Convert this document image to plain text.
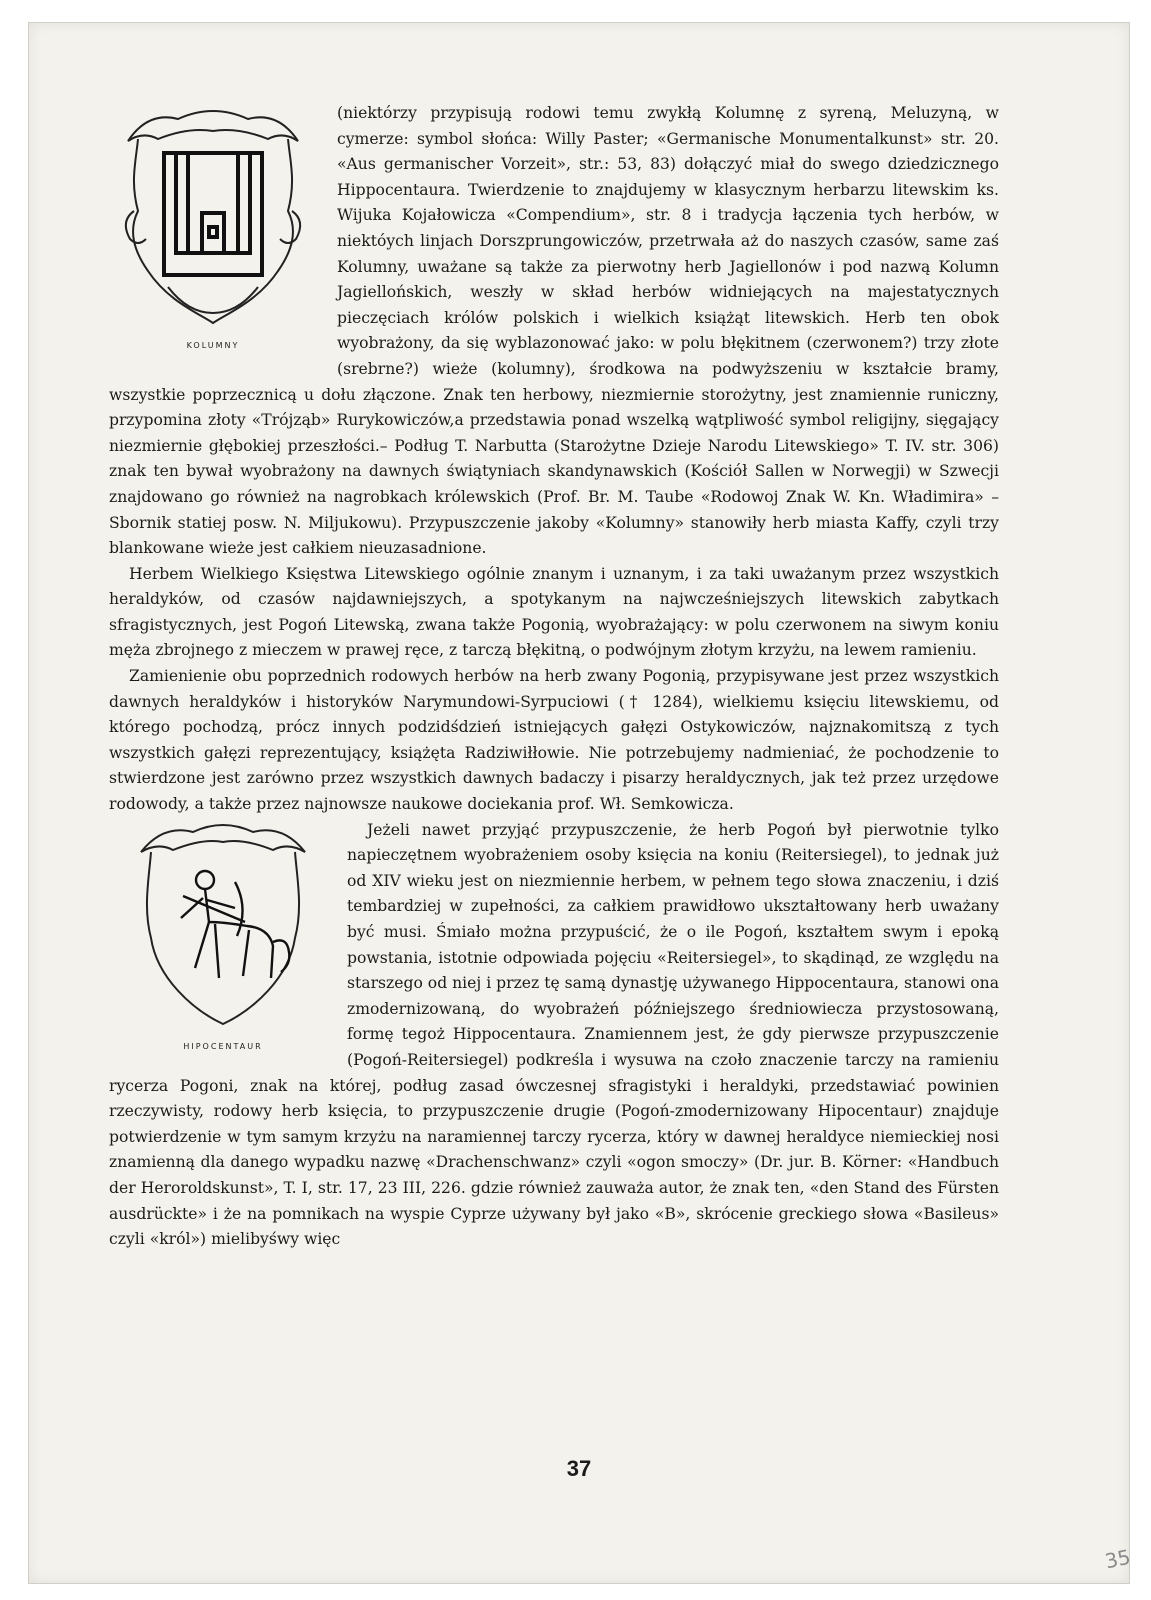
KOLUMNY

(niektórzy przypisują rodowi temu zwykłą Kolumnę z syreną, Meluzyną, w cymerze: symbol słońca: Willy Paster; «Germanische Monumentalkunst» str. 20. «Aus germanischer Vorzeit», str.: 53, 83) dołączyć miał do swego dziedzicznego Hippocentaura. Twierdzenie to znajdujemy w klasycznym herbarzu litewskim ks. Wijuka Kojałowicza «Compendium», str. 8 i tradycja łączenia tych herbów, w niektóych linjach Dorszprungowiczów, przetrwała aż do naszych czasów, same zaś Kolumny, uważane są także za pierwotny herb Jagiellonów i pod nazwą Kolumn Jagiellońskich, weszły w skład herbów widniejących na majestatycznych pieczęciach królów polskich i wielkich książąt litewskich. Herb ten obok wyobrażony, da się wyblazonować jako: w polu błękitnem (czerwonem?) trzy złote (srebrne?) wieże (kolumny), środkowa na podwyższeniu w kształcie bramy, wszystkie poprzecznicą u dołu złączone. Znak ten herbowy, niezmiernie storożytny, jest znamiennie runiczny, przypomina złoty «Trójząb» Rurykowiczów,a przedstawia ponad wszelką wątpliwość symbol religijny, sięgający niezmiernie głębokiej przeszłości.– Podług T. Narbutta (Starożytne Dzieje Narodu Litewskiego» T. IV. str. 306) znak ten bywał wyobrażony na dawnych świątyniach skandynawskich (Kościół Sallen w Norwegji) w Szwecji znajdowano go również na nagrobkach królewskich (Prof. Br. M. Taube «Rodowoj Znak W. Kn. Władimira» – Sbornik statiej posw. N. Miljukowu). Przypuszczenie jakoby «Kolumny» stanowiły herb miasta Kaffy, czyli trzy blankowane wieże jest całkiem nieuzasadnione.

Herbem Wielkiego Księstwa Litewskiego ogólnie znanym i uznanym, i za taki uważanym przez wszystkich heraldyków, od czasów najdawniejszych, a spotykanym na najwcześniejszych litewskich zabytkach sfragistycznych, jest Pogoń Litewską, zwana także Pogonią, wyobrażający: w polu czerwonem na siwym koniu męża zbrojnego z mieczem w prawej ręce, z tarczą błękitną, o podwójnym złotym krzyżu, na lewem ramieniu.

Zamienienie obu poprzednich rodowych herbów na herb zwany Pogonią, przypisywane jest przez wszystkich dawnych heraldyków i historyków Narymundowi-Syrpuciowi († 1284), wielkiemu księciu litewskiemu, od którego pochodzą, prócz innych podzidśdzień istniejących gałęzi Ostykowiczów, najznakomitszą z tych wszystkich gałęzi reprezentujący, książęta Radziwiłłowie. Nie potrzebujemy nadmieniać, że pochodzenie to stwierdzone jest zarówno przez wszystkich dawnych badaczy i pisarzy heraldycznych, jak też przez urzędowe rodowody, a także przez najnowsze naukowe dociekania prof. Wł. Semkowicza.

HIPOCENTAUR

Jeżeli nawet przyjąć przypuszczenie, że herb Pogoń był pierwotnie tylko napieczętnem wyobrażeniem osoby księcia na koniu (Reitersiegel), to jednak już od XIV wieku jest on niezmiennie herbem, w pełnem tego słowa znaczeniu, i dziś tembardziej w zupełności, za całkiem prawidłowo ukształtowany herb uważany być musi. Śmiało można przypuścić, że o ile Pogoń, kształtem swym i epoką powstania, istotnie odpowiada pojęciu «Reitersiegel», to skądinąd, ze względu na starszego od niej i przez tę samą dynastję używanego Hippocentaura, stanowi ona zmodernizowaną, do wyobrażeń późniejszego średniowiecza przystosowaną, formę tegoż Hippocentaura. Znamiennem jest, że gdy pierwsze przypuszczenie (Pogoń-Reitersiegel) podkreśla i wysuwa na czoło znaczenie tarczy na ramieniu rycerza Pogoni, znak na której, podług zasad ówczesnej sfragistyki i heraldyki, przedstawiać powinien rzeczywisty, rodowy herb księcia, to przypuszczenie drugie (Pogoń-zmodernizowany Hipocentaur) znajduje potwierdzenie w tym samym krzyżu na naramiennej tarczy rycerza, który w dawnej heraldyce niemieckiej nosi znamienną dla danego wypadku nazwę «Drachenschwanz» czyli «ogon smoczy» (Dr. jur. B. Körner: «Handbuch der Heroroldskunst», T. I, str. 17, 23 III, 226. gdzie również zauważa autor, że znak ten, «den Stand des Fürsten ausdrückte» i że na pomnikach na wyspie Cyprze używany był jako «B», skrócenie greckiego słowa «Basileus» czyli «król») mielibyśwy więc

37
35
